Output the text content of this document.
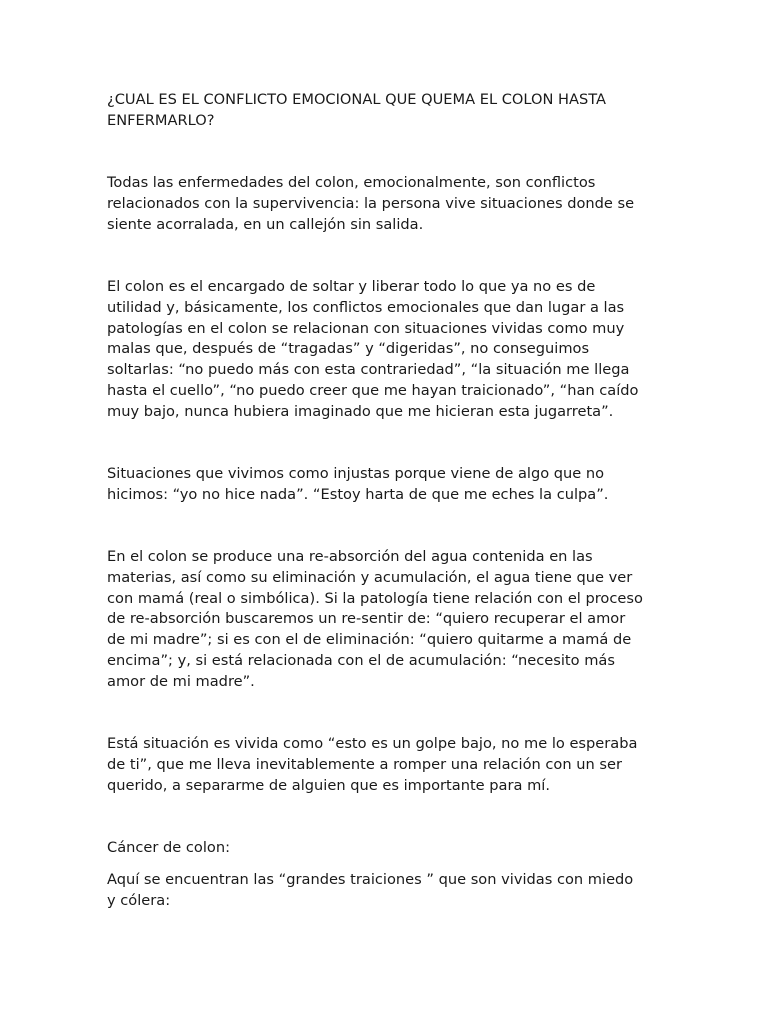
¿CUAL ES EL CONFLICTO EMOCIONAL QUE QUEMA EL COLON HASTA
ENFERMARLO?

Todas las enfermedades del colon, emocionalmente, son conflictos
relacionados con la supervivencia: la persona vive situaciones donde se
siente acorralada, en un callejón sin salida.

El colon es el encargado de soltar y liberar todo lo que ya no es de
utilidad y, básicamente, los conflictos emocionales que dan lugar a las
patologías en el colon se relacionan con situaciones vividas como muy
malas que, después de “tragadas” y “digeridas”, no conseguimos
soltarlas: “no puedo más con esta contrariedad”, “la situación me llega
hasta el cuello”, “no puedo creer que me hayan traicionado”, “han caído
muy bajo, nunca hubiera imaginado que me hicieran esta jugarreta”.

Situaciones que vivimos como injustas porque viene de algo que no
hicimos: “yo no hice nada”. “Estoy harta de que me eches la culpa”.

En el colon se produce una re-absorción del agua contenida en las
materias, así como su eliminación y acumulación, el agua tiene que ver
con mamá (real o simbólica). Si la patología tiene relación con el proceso
de re-absorción buscaremos un re-sentir de: “quiero recuperar el amor
de mi madre”; si es con el de eliminación: “quiero quitarme a mamá de
encima”; y, si está relacionada con el de acumulación: “necesito más
amor de mi madre”.

Está situación es vivida como “esto es un golpe bajo, no me lo esperaba
de ti”, que me lleva inevitablemente a romper una relación con un ser
querido, a separarme de alguien que es importante para mí.

Cáncer de colon:

Aquí se encuentran las “grandes traiciones ” que son vividas con miedo
y cólera:
